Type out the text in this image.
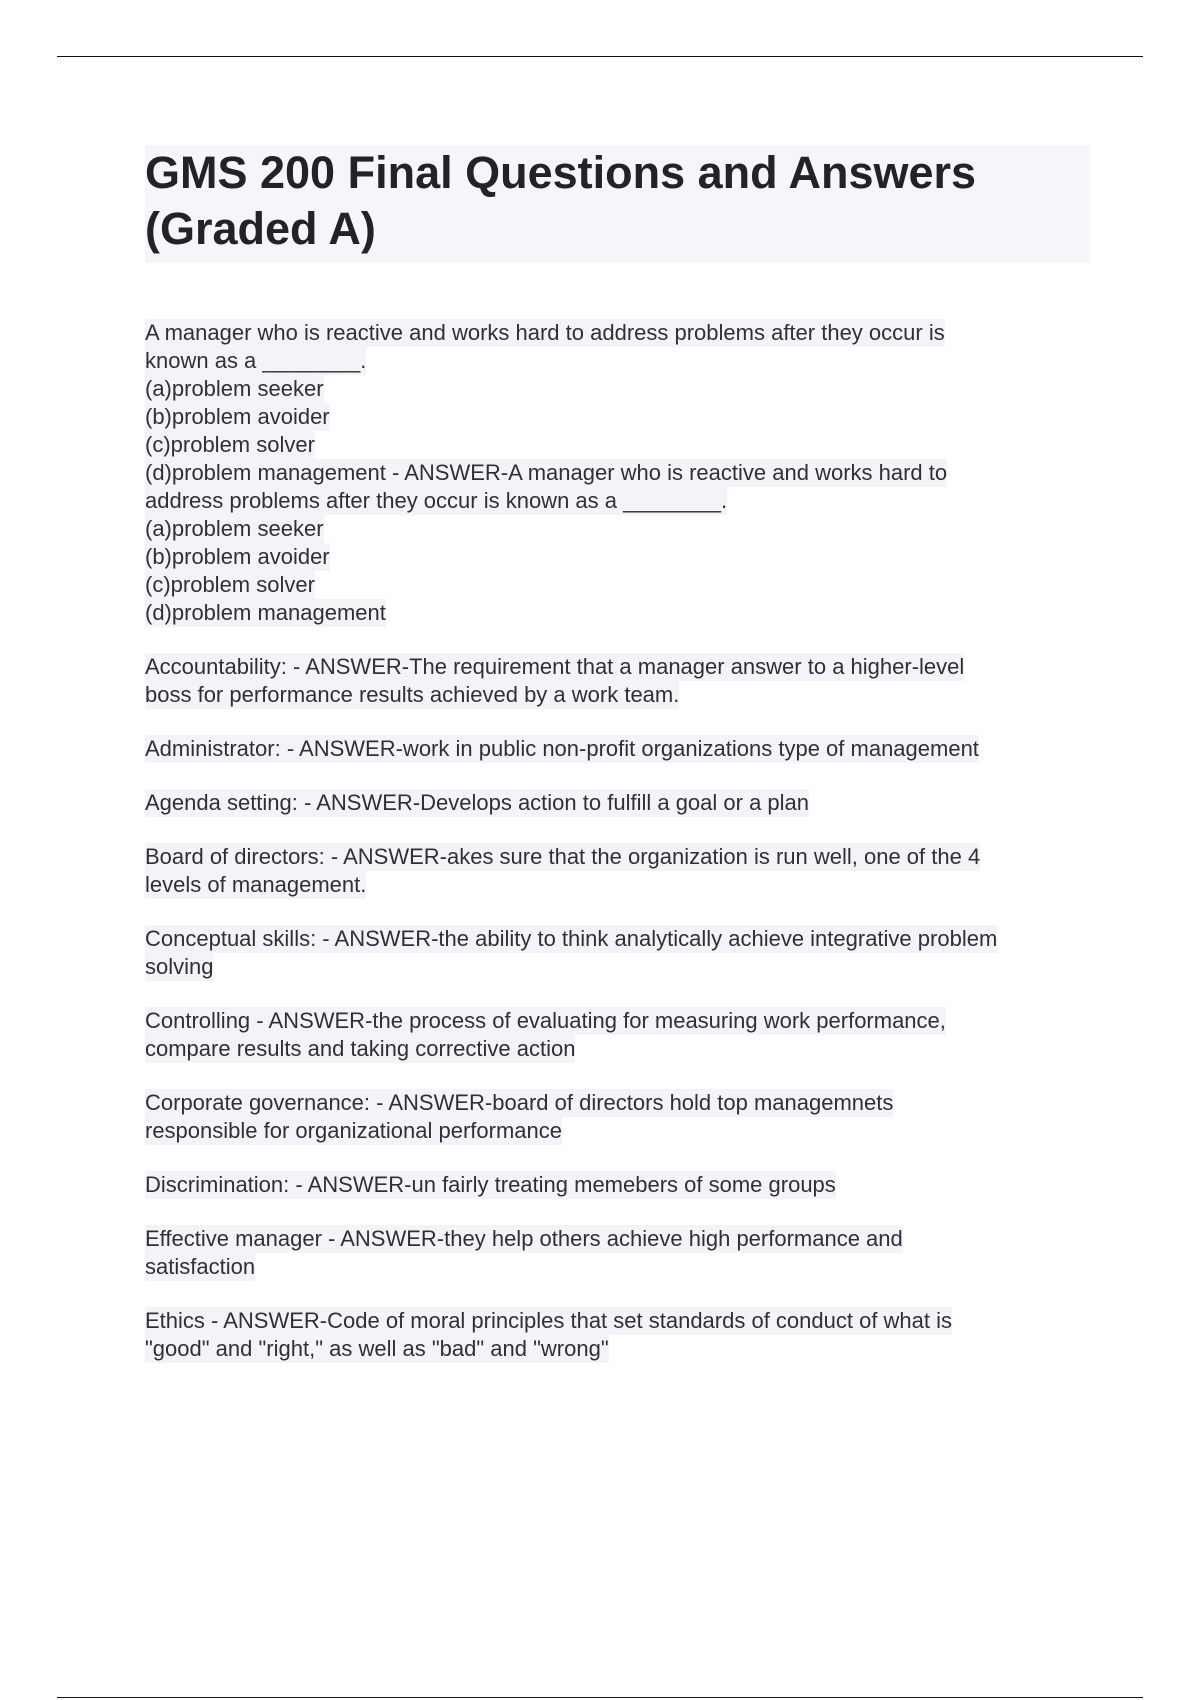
GMS 200 Final Questions and Answers
(Graded A)
A manager who is reactive and works hard to address problems after they occur is
known as a ________.
(a)problem seeker
(b)problem avoider
(c)problem solver
(d)problem management - ANSWER-A manager who is reactive and works hard to
address problems after they occur is known as a ________.
(a)problem seeker
(b)problem avoider
(c)problem solver
(d)problem management
Accountability: - ANSWER-The requirement that a manager answer to a higher-level
boss for performance results achieved by a work team.
Administrator: - ANSWER-work in public non-profit organizations type of management
Agenda setting: - ANSWER-Develops action to fulfill a goal or a plan
Board of directors: - ANSWER-akes sure that the organization is run well, one of the 4
levels of management.
Conceptual skills: - ANSWER-the ability to think analytically achieve integrative problem
solving
Controlling - ANSWER-the process of evaluating for measuring work performance,
compare results and taking corrective action
Corporate governance: - ANSWER-board of directors hold top managemnets
responsible for organizational performance
Discrimination: - ANSWER-un fairly treating memebers of some groups
Effective manager - ANSWER-they help others achieve high performance and
satisfaction
Ethics - ANSWER-Code of moral principles that set standards of conduct of what is
"good" and "right," as well as "bad" and "wrong"
